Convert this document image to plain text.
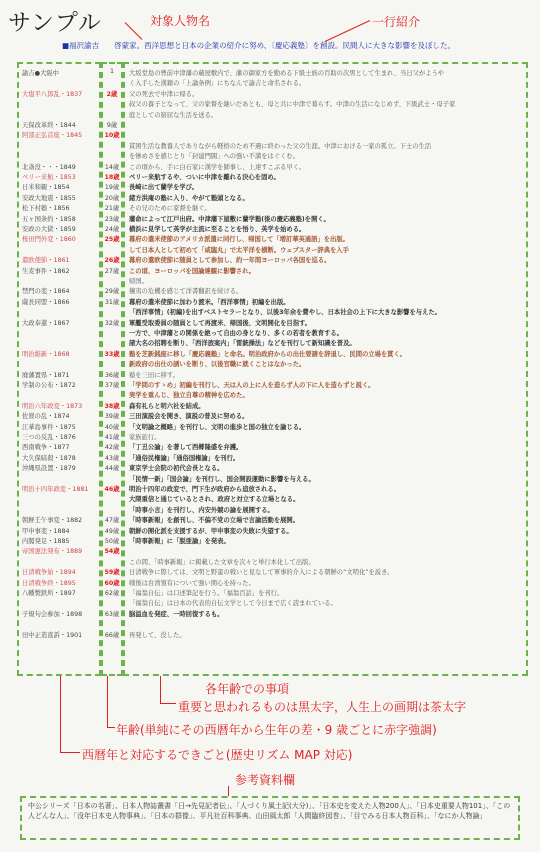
サンプル	対象人物名	一行紹介
■福沢諭吉　　啓蒙家。西洋思想と日本の企業の紹介に努め、〔慶応義塾〕を創設。民間人に大きな影響を及ぼした。
諭吉●大阪中
大塩平八郎乱・1837
天保改革終・1844
阿部正弘首座・1845
北斎没・・・1849
ペリー来航・1853
日米和親・1854
安政大地震・1855
松下村塾・1856
五ヶ国条約・1858
安政の大獄・1859
桜田門外変・1860
遣欧使節・1861
生麦事件・1862
禁門の変・1864
薩長同盟・1866
大政奉還・1867
明治維新・1868
廃藩置県・1871
学制の公布・1872
明治六年政変・1873
佐賀の乱・1874
江華島事件・1875
三つの反乱・1876
西南戦争・1877
大久保暗殺・1878
沖縄県設置・1879
明治十四年政変・1881
朝鮮壬午事変・1882
甲申事変・1884
内閣発足・1885
帝国憲法発布・1889
日清戦争始・1894
日清戦争終・1895
八幡製鉄所・1897
子規句会参加・1898
田中正造直訴・1901
1
2歳
9歳
10歳
14歳
18歳
19歳
20歳
21歳
23歳
24歳
25歳
26歳
27歳
29歳
31歳
32歳
33歳
36歳
37歳
38歳
39歳
40歳
41歳
42歳
43歳
44歳
46歳
47歳
49歳
50歳
54歳
59歳
60歳
62歳
63歳
66歳
大坂堂島の豊前中津藩の蔵屋敷内で、藩の御家方を勤める下級士族の百助の次男として生まれ、当日父がようや
く入手した漢籍の「上論条例」にちなんで諭吉と命名される。
父の死去で中津に帰る。
叔父の養子となって、父の家督を継いだあとも、母と共に中津で暮らす。中津の生活になじめず、下級武士・母子家
庭としての窮屈な生活を送る。
貧困生活な教養人でありながら軽格のため不遇に終わった父の生涯。中津における一家の孤立。下士の生活
を惨めさを感じとり「封建門閥」への強い不満をはぐくむ。
この頃から、手に白石家に漢学を師事し、上達すこぶる早く。
ペリー来航するや、ついに中津を離れる決心を固め。
長崎に出て蘭学を学び。
緒方洪庵の塾に入り、やがて塾頭となる。
その兄のために家督を継ぐ。
藩命によって江戸出府。中津藩下屋敷に蘭学塾(後の慶応義塾)を開く。
横浜に見学して英学が主流に至ることを悟り、英学を始める。
幕府の遣米使節のアメリカ派遣に同行し、帰国して「増訂華英通語」を出版。
して日本人として初めて「咸臨丸」で太平洋を横断。ウェブスター辞典を入手
幕府の遣欧使節に随員として参加し、約一年間ヨーロッパ各国を巡る。
この頃、ヨーロッパを国論達観に影響され。
帰国。
攘夷の危機を感じて洋書翻訳を続ける。
幕府の遣米使節に加わり渡米。「西洋事情」初編を出版。
「西洋事情」(初編)を出すベストセラーとなり、以後3年余を費やし、日本社会の上下に大きな影響を与えた。
軍艦受取委員の随員として再渡米、帰国後、文明開化を目指す。
一方で、中津藩との関係を絶って自由の身となり、多くの若者を教育する。
諸大名の招聘を断り、「西洋旅案内」「雷銃操法」などを刊行して新知識を普及。
塾を芝新銭座に移し「慶応義塾」と命名。明治政府からの出仕要請を辞退し、民間の立場を貫く。
新政府の出仕の誘いを断り、以後官職に就くことはなかった。
塾を三田に移す。
「学問のすゝめ」初編を刊行し、天は人の上に人を造らず人の下に人を造らずと説く。
実学を重んじ、独立自尊の精神を広めた。
森有礼らと明六社を結成。
三田演説会を開き、演説の普及に努める。
「文明論之概略」を刊行し、文明の進歩と国の独立を論じる。
家族旅行。
「丁丑公論」を著して西郷隆盛を弁護。
「通俗民権論」「通俗国権論」を刊行。
東京学士会院の初代会長となる。
「民情一新」「国会論」を刊行し、国会開設運動に影響を与える。
明治十四年の政変で、門下生が政府から追放される。
大隈重信と通じているとされ、政府と対立する立場となる。
「時事小言」を刊行し、内安外競の論を展開する。
「時事新報」を創刊し、不偏不党の立場で言論活動を展開。
朝鮮の開化派を支援するが、甲申事変の失敗に失望する。
「時事新報」に「脱亜論」を発表。
この間、「時事新報」に掲載した文章を次々と単行本化して出版。
日清戦争に際しては、文明と野蛮の戦いと見なして軍事的介入による朝鮮の“文明化”を説き。
戦後は台湾領有について強い関心を持った。
「福翁自伝」は口述筆記を行う。「福翁百話」を刊行。
「福翁自伝」は日本の代表的自伝文学として今日まで広く読まれている。
脳溢血を発症、一時回復するも。
再発して、没した。
各年齢での事項
重要と思われるものは黒太字，人生上の画期は茶太字
年齢(単純にその西暦年から生年の差・9 歳ごとに赤字強調)
西暦年と対応するできごと(歴史リズム MAP 対応)
参考資料欄
中公シリーズ「日本の名著」、日本人物誌叢書「日→先見記者伝」、「人づくり風土記(大分)」、「日本史を変えた人物200人」、「日本史重要人物101」、「この人どんな人」、「没年日本史人物事典」、「日本の群像」、平凡社百科事典、山田風太郎「人間臨終図巻」、「目でみる日本人物百科」、「なにか人物論」
